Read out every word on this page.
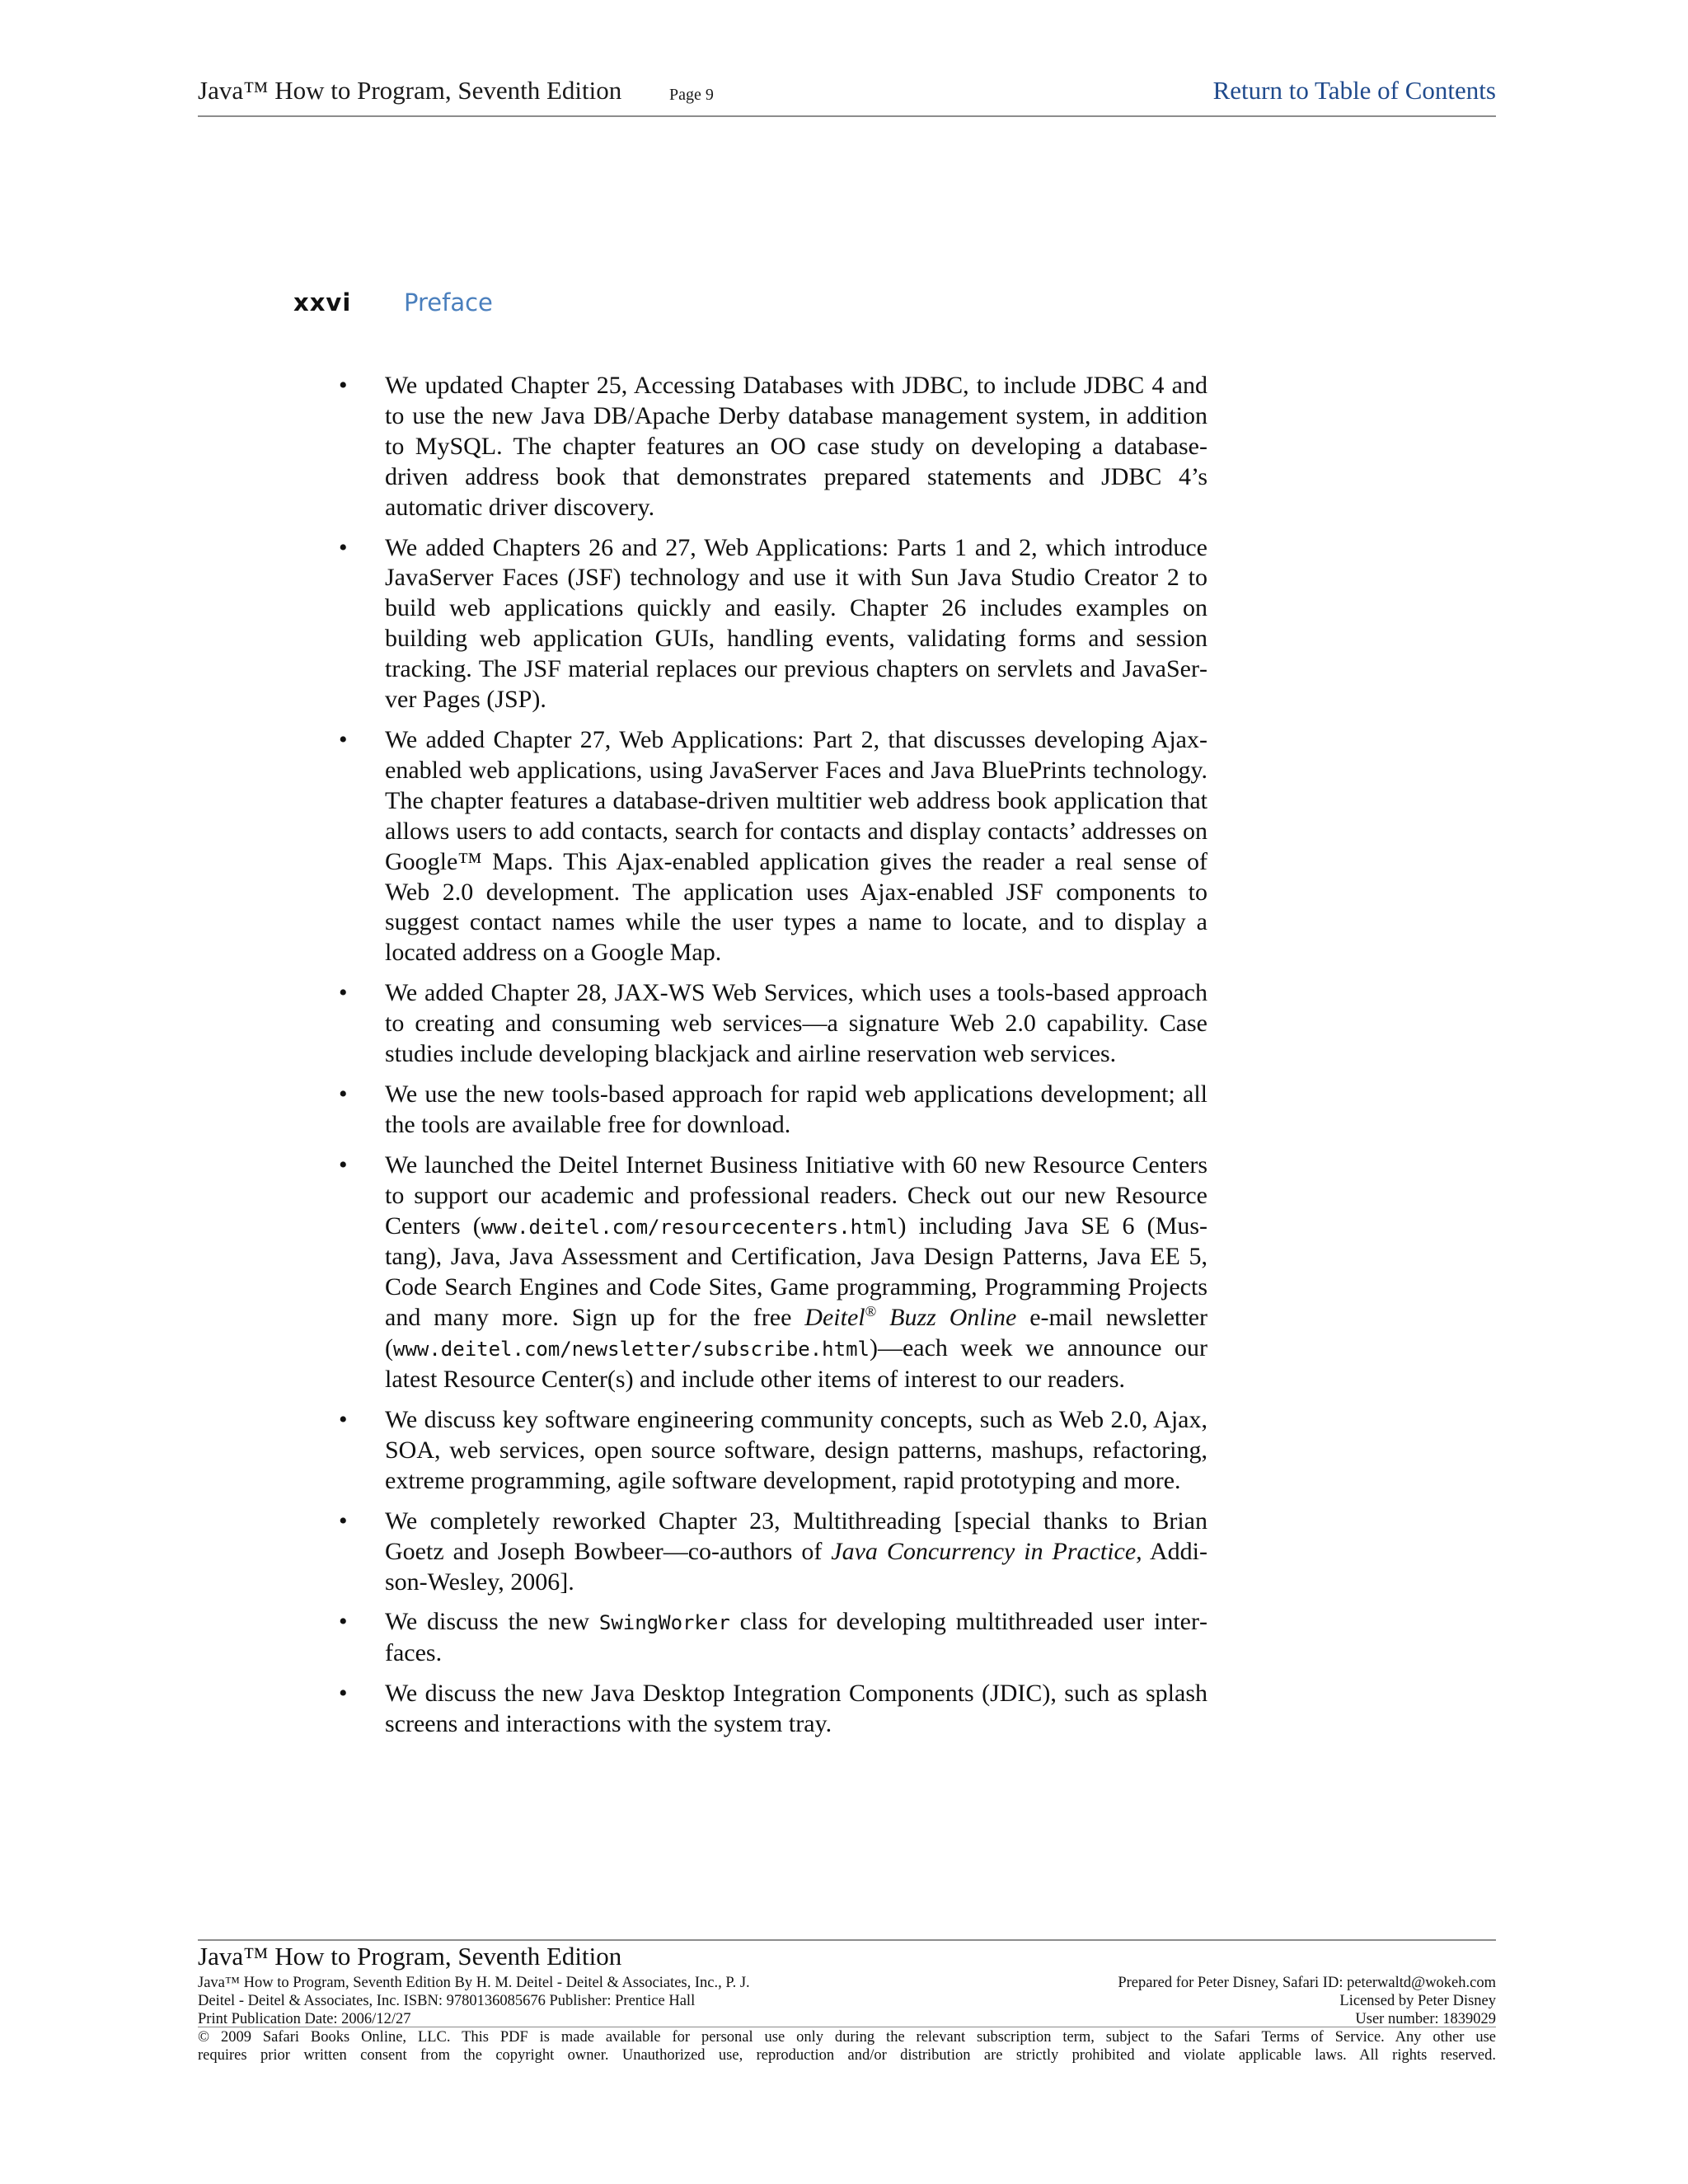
Java™ How to Program, Seventh Edition	Page 9	Return to Table of Contents
xxvi Preface
• We updated Chapter 25, Accessing Databases with JDBC, to include JDBC 4 and to use the new Java DB/Apache Derby database management system, in addition to MySQL. The chapter features an OO case study on developing a database-driven address book that demonstrates prepared statements and JDBC 4’s automatic driver discovery.
• We added Chapters 26 and 27, Web Applications: Parts 1 and 2, which introduce JavaServer Faces (JSF) technology and use it with Sun Java Studio Creator 2 to build web applications quickly and easily. Chapter 26 includes examples on building web application GUIs, handling events, validating forms and session tracking. The JSF material replaces our previous chapters on servlets and JavaServer Pages (JSP).
• We added Chapter 27, Web Applications: Part 2, that discusses developing Ajax-enabled web applications, using JavaServer Faces and Java BluePrints technology. The chapter features a database-driven multitier web address book application that allows users to add contacts, search for contacts and display contacts’ addresses on Google™ Maps. This Ajax-enabled application gives the reader a real sense of Web 2.0 development. The application uses Ajax-enabled JSF components to suggest contact names while the user types a name to locate, and to display a located address on a Google Map.
• We added Chapter 28, JAX-WS Web Services, which uses a tools-based approach to creating and consuming web services—a signature Web 2.0 capability. Case studies include developing blackjack and airline reservation web services.
• We use the new tools-based approach for rapid web applications development; all the tools are available free for download.
• We launched the Deitel Internet Business Initiative with 60 new Resource Centers to support our academic and professional readers. Check out our new Resource Centers (www.deitel.com/resourcecenters.html) including Java SE 6 (Mustang), Java, Java Assessment and Certification, Java Design Patterns, Java EE 5, Code Search Engines and Code Sites, Game programming, Programming Projects and many more. Sign up for the free Deitel® Buzz Online e-mail newsletter (www.deitel.com/newsletter/subscribe.html)—each week we announce our latest Resource Center(s) and include other items of interest to our readers.
• We discuss key software engineering community concepts, such as Web 2.0, Ajax, SOA, web services, open source software, design patterns, mashups, refactoring, extreme programming, agile software development, rapid prototyping and more.
• We completely reworked Chapter 23, Multithreading [special thanks to Brian Goetz and Joseph Bowbeer—co-authors of Java Concurrency in Practice, Addison-Wesley, 2006].
• We discuss the new SwingWorker class for developing multithreaded user interfaces.
• We discuss the new Java Desktop Integration Components (JDIC), such as splash screens and interactions with the system tray.
Java™ How to Program, Seventh Edition
Java™ How to Program, Seventh Edition By H. M. Deitel - Deitel & Associates, Inc., P. J.
Deitel - Deitel & Associates, Inc. ISBN: 9780136085676 Publisher: Prentice Hall
Print Publication Date: 2006/12/27
Prepared for Peter Disney, Safari ID: peterwaltd@wokeh.com
Licensed by Peter Disney
User number: 1839029
© 2009 Safari Books Online, LLC. This PDF is made available for personal use only during the relevant subscription term, subject to the Safari Terms of Service. Any other use
requires prior written consent from the copyright owner. Unauthorized use, reproduction and/or distribution are strictly prohibited and violate applicable laws. All rights reserved.
